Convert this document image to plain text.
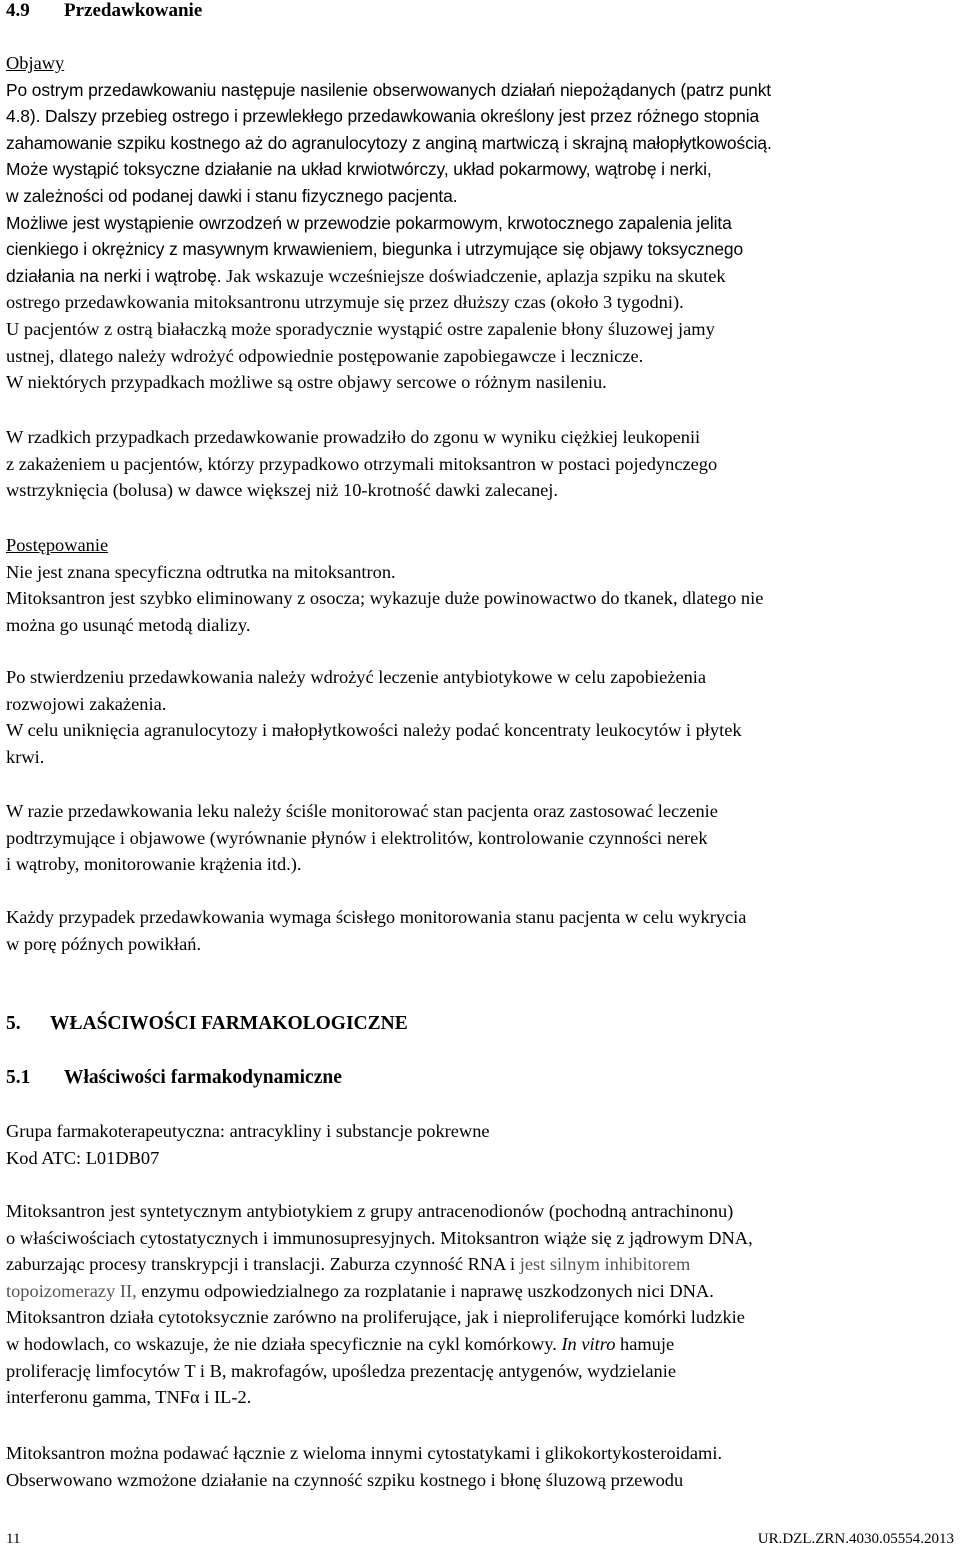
4.9 Przedawkowanie

Objawy

Po ostrym przedawkowaniu następuje nasilenie obserwowanych działań niepożądanych (patrz punkt

4.8). Dalszy przebieg ostrego i przewlekłego przedawkowania określony jest przez różnego stopnia

zahamowanie szpiku kostnego aż do agranulocytozy z anginą martwiczą i skrajną małopłytkowością.

Może wystąpić toksyczne działanie na układ krwiotwórczy, układ pokarmowy, wątrobę i nerki,

w zależności od podanej dawki i stanu fizycznego pacjenta.

Możliwe jest wystąpienie owrzodzeń w przewodzie pokarmowym, krwotocznego zapalenia jelita

cienkiego i okrężnicy z masywnym krwawieniem, biegunka i utrzymujące się objawy toksycznego

działania na nerki i wątrobę. Jak wskazuje wcześniejsze doświadczenie, aplazja szpiku na skutek

ostrego przedawkowania mitoksantronu utrzymuje się przez dłuższy czas (około 3 tygodni).

U pacjentów z ostrą białaczką może sporadycznie wystąpić ostre zapalenie błony śluzowej jamy

ustnej, dlatego należy wdrożyć odpowiednie postępowanie zapobiegawcze i lecznicze.

W niektórych przypadkach możliwe są ostre objawy sercowe o różnym nasileniu.

W rzadkich przypadkach przedawkowanie prowadziło do zgonu w wyniku ciężkiej leukopenii

z zakażeniem u pacjentów, którzy przypadkowo otrzymali mitoksantron w postaci pojedynczego

wstrzyknięcia (bolusa) w dawce większej niż 10-krotność dawki zalecanej.

Postępowanie

Nie jest znana specyficzna odtrutka na mitoksantron.

Mitoksantron jest szybko eliminowany z osocza; wykazuje duże powinowactwo do tkanek, dlatego nie

można go usunąć metodą dializy.

Po stwierdzeniu przedawkowania należy wdrożyć leczenie antybiotykowe w celu zapobieżenia

rozwojowi zakażenia.

W celu uniknięcia agranulocytozy i małopłytkowości należy podać koncentraty leukocytów i płytek

krwi.

W razie przedawkowania leku należy ściśle monitorować stan pacjenta oraz zastosować leczenie

podtrzymujące i objawowe (wyrównanie płynów i elektrolitów, kontrolowanie czynności nerek

i wątroby, monitorowanie krążenia itd.).

Każdy przypadek przedawkowania wymaga ścisłego monitorowania stanu pacjenta w celu wykrycia

w porę późnych powikłań.

5. WŁAŚCIWOŚCI FARMAKOLOGICZNE
5.1 Właściwości farmakodynamiczne

Grupa farmakoterapeutyczna: antracykliny i substancje pokrewne

Kod ATC: L01DB07

Mitoksantron jest syntetycznym antybiotykiem z grupy antracenodionów (pochodną antrachinonu)

o właściwościach cytostatycznych i immunosupresyjnych. Mitoksantron wiąże się z jądrowym DNA,

zaburzając procesy transkrypcji i translacji. Zaburza czynność RNA i jest silnym inhibitorem

topoizomerazy II, enzymu odpowiedzialnego za rozplatanie i naprawę uszkodzonych nici DNA.

Mitoksantron działa cytotoksycznie zarówno na proliferujące, jak i nieproliferujące komórki ludzkie

w hodowlach, co wskazuje, że nie działa specyficznie na cykl komórkowy. In vitro hamuje

proliferację limfocytów T i B, makrofagów, upośledza prezentację antygenów, wydzielanie

interferonu gamma, TNFα i IL-2.

Mitoksantron można podawać łącznie z wieloma innymi cytostatykami i glikokortykosteroidami.

Obserwowano wzmożone działanie na czynność szpiku kostnego i błonę śluzową przewodu

11	UR.DZL.ZRN.4030.05554.2013
